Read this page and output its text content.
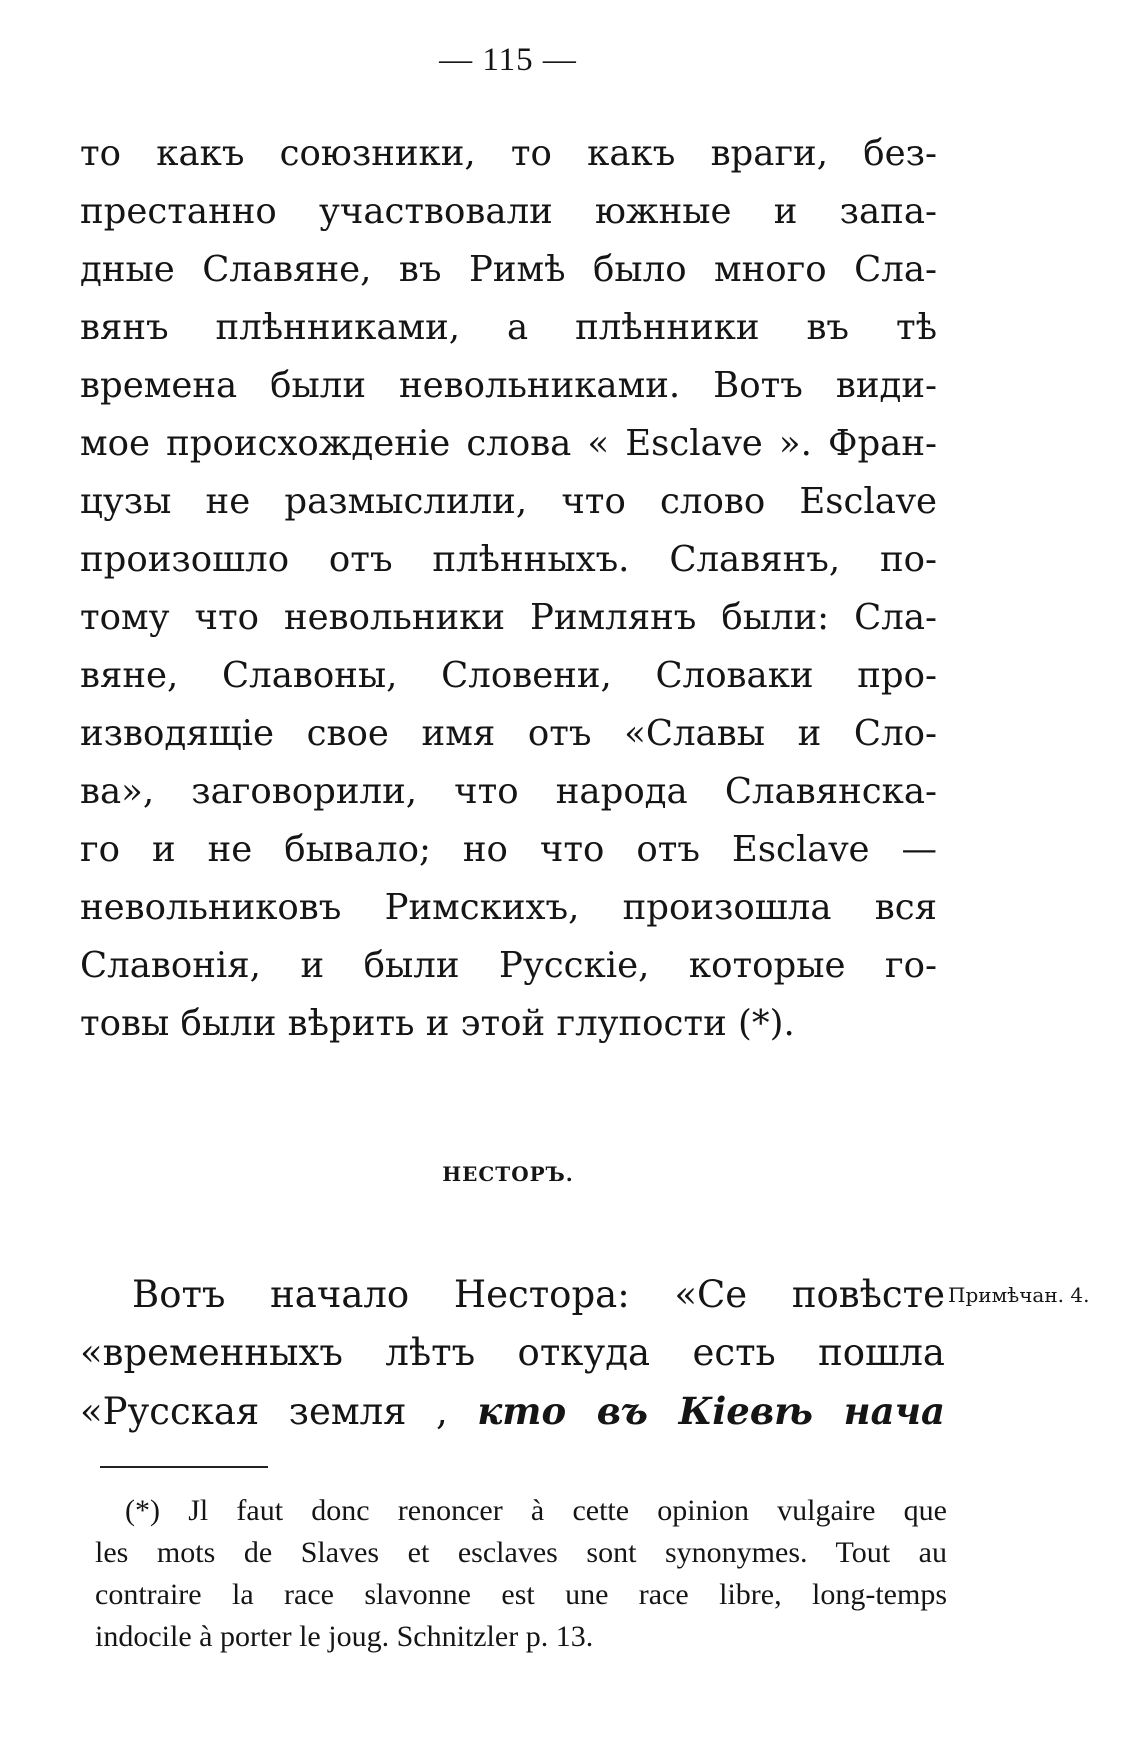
— 115 —
то какъ союзники, то какъ враги, без-
престанно участвовали южные и запа-
дные Славяне, въ Римѣ было много Сла-
вянъ плѣнниками, а плѣнники въ тѣ
времена были невольниками. Вотъ види-
мое происхожденіе слова « Esclave ». Фран-
цузы не размыслили, что слово Esclave
произошло отъ плѣнныхъ. Славянъ, по-
тому что невольники Римлянъ были: Сла-
вяне, Славоны, Словени, Словаки про-
изводящіе свое имя отъ «Славы и Сло-
ва», заговорили, что народа Славянска-
го и не бывало; но что отъ Esclave —
невольниковъ Римскихъ, произошла вся
Славонія, и были Русскіе, которые го-
товы были вѣрить и этой глупости (*).
НЕСТОРЪ.
Вотъ начало Нестора: «Се повѣсте
«временныхъ лѣтъ откуда есть пошла
«Русская земля , кто въ Кіевѣ нача
Примѣчан. 4.
(*) Jl faut donc renoncer à cette opinion vulgaire que
les mots de Slaves et esclaves sont synonymes. Tout au
contraire la race slavonne est une race libre, long-temps
indocile à porter le joug. Schnitzler p. 13.
